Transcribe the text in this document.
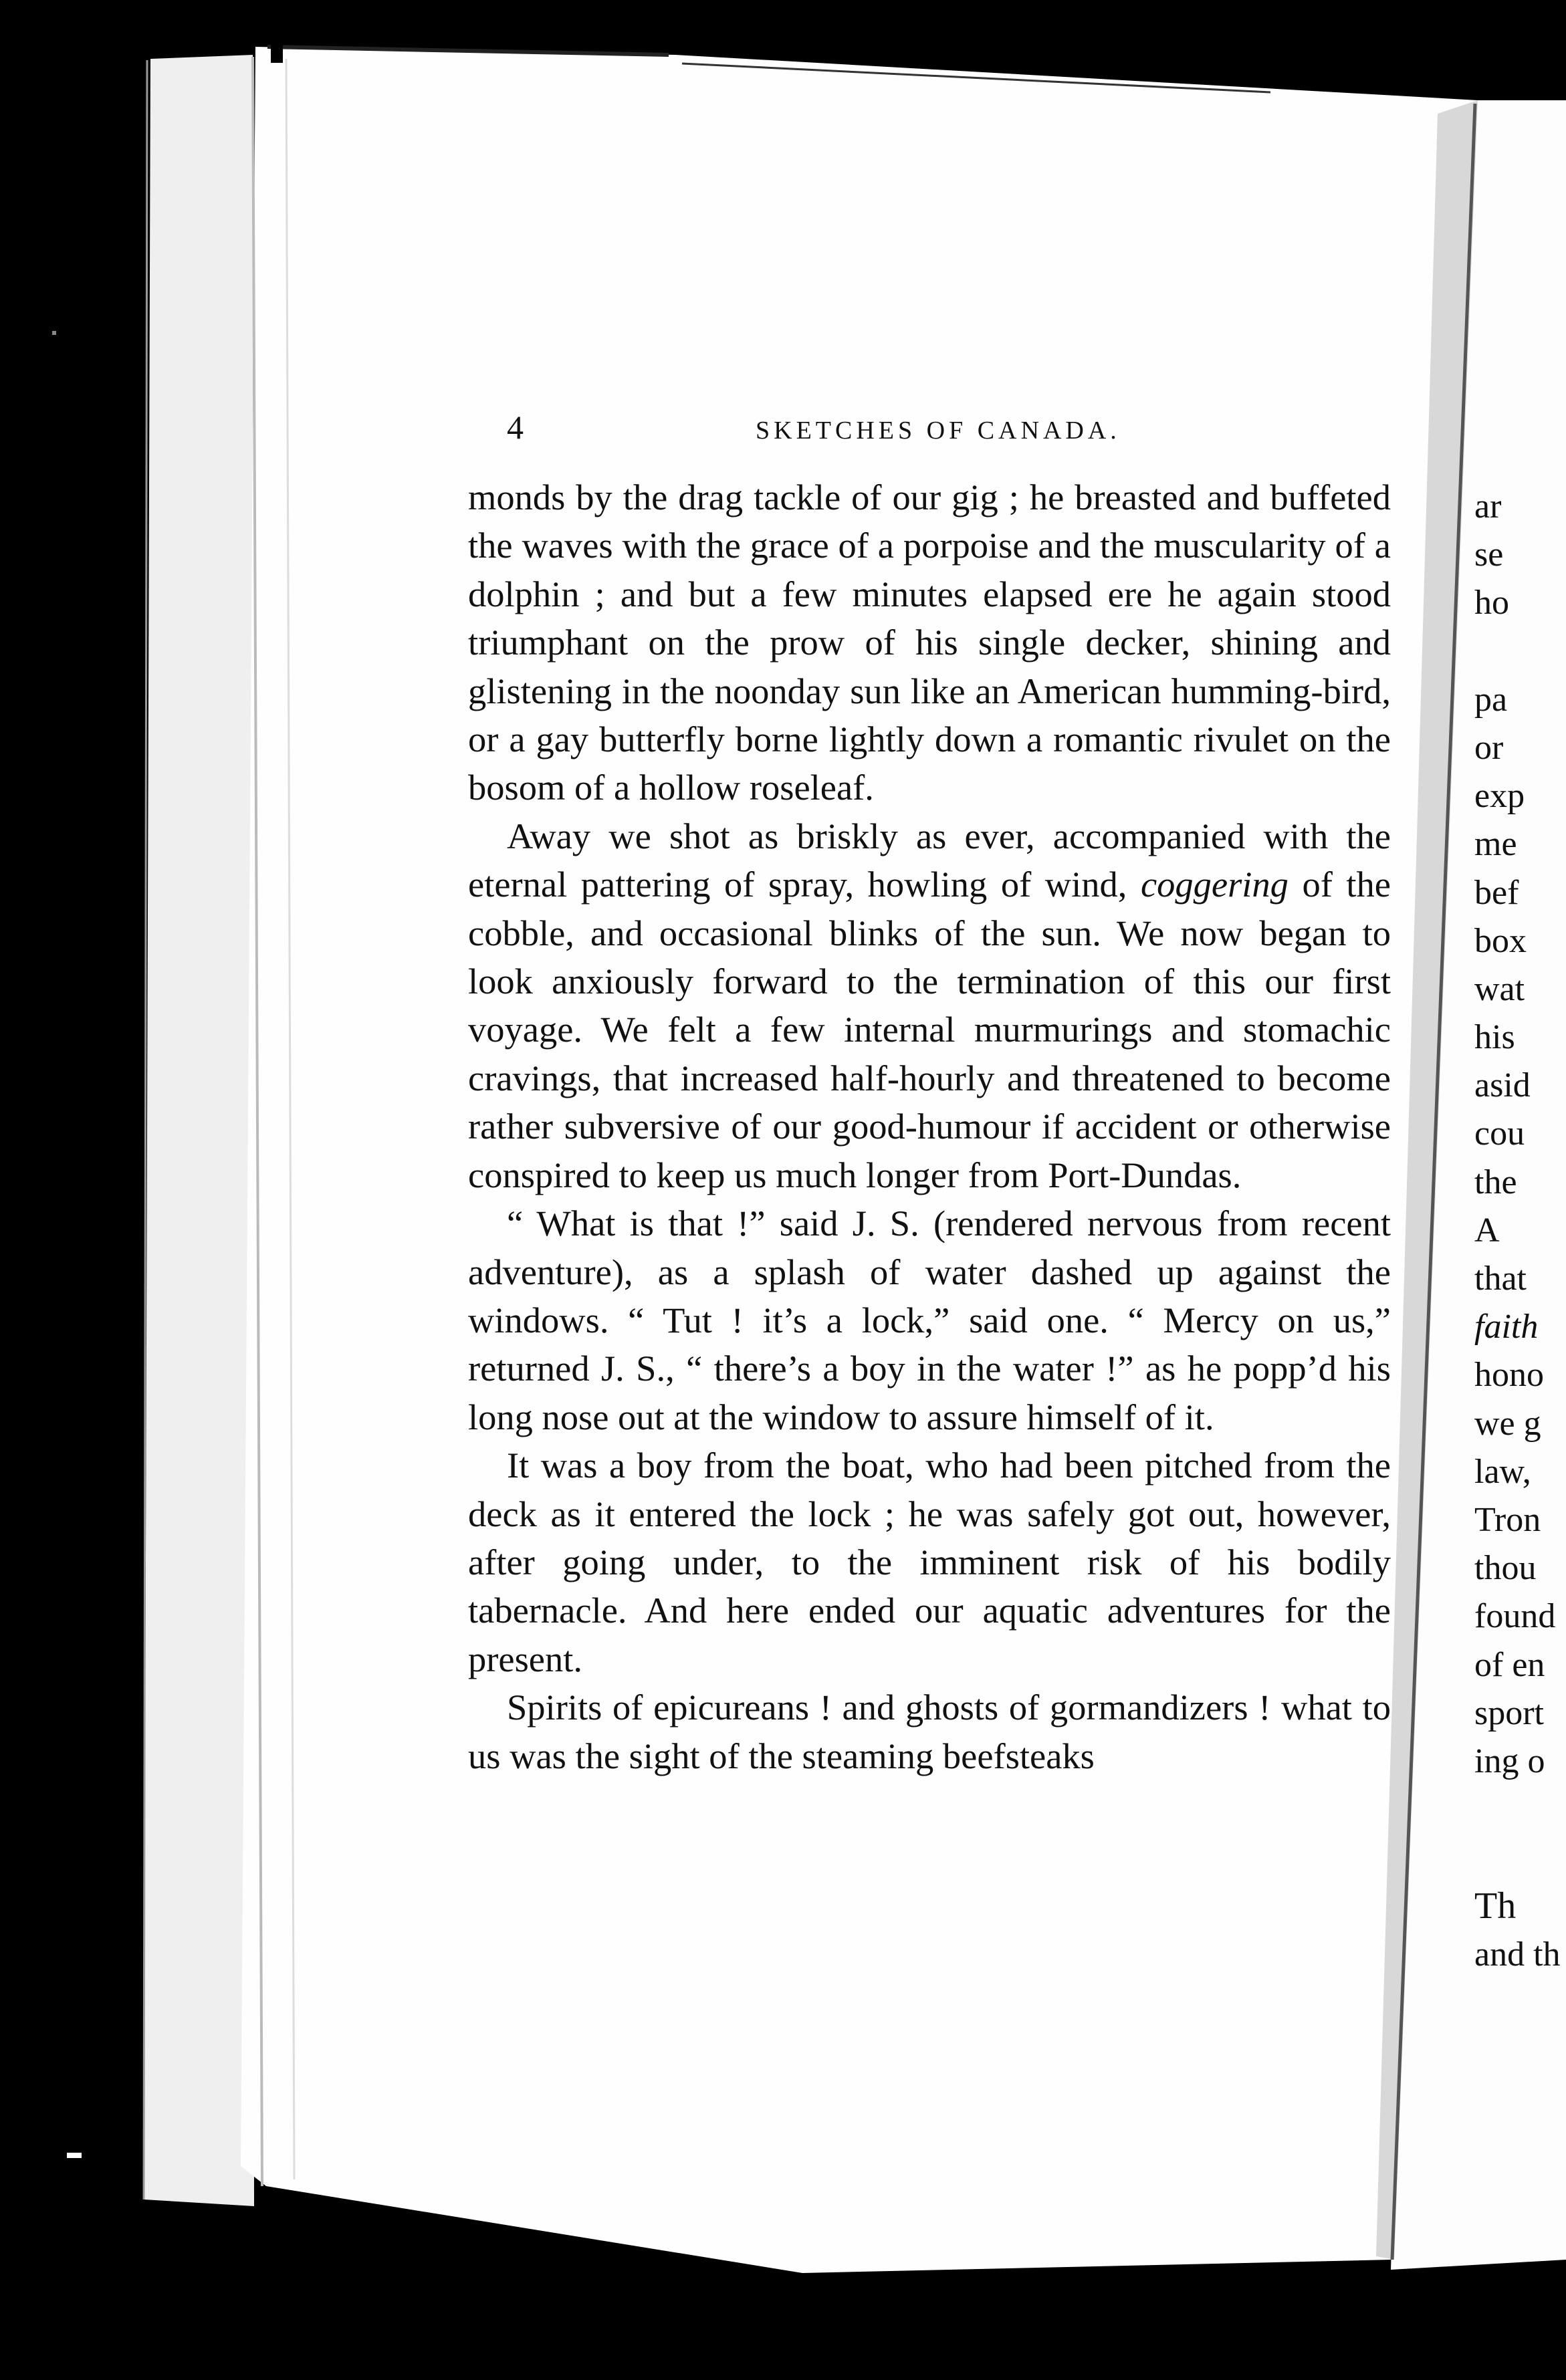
4	SKETCHES OF CANADA.

monds by the drag tackle of our gig ; he breasted and buffeted the waves with the grace of a porpoise and the muscularity of a dolphin ; and but a few minutes elapsed ere he again stood triumphant on the prow of his single decker, shining and glistening in the noonday sun like an American humming-bird, or a gay butterfly borne lightly down a romantic rivulet on the bosom of a hollow roseleaf.

Away we shot as briskly as ever, accompanied with the eternal pattering of spray, howling of wind, coggering of the cobble, and occasional blinks of the sun. We now began to look anxiously forward to the termination of this our first voyage. We felt a few internal murmurings and stomachic cravings, that increased half-hourly and threatened to become rather subversive of our good-humour if accident or otherwise conspired to keep us much longer from Port-Dundas.

“ What is that !” said J. S. (rendered nervous from recent adventure), as a splash of water dashed up against the windows. “ Tut ! it’s a lock,” said one. “ Mercy on us,” returned J. S., “ there’s a boy in the water !” as he popp’d his long nose out at the window to assure himself of it.

It was a boy from the boat, who had been pitched from the deck as it entered the lock ; he was safely got out, however, after going under, to the imminent risk of his bodily tabernacle. And here ended our aquatic adventures for the present.

Spirits of epicureans ! and ghosts of gormandizers ! what to us was the sight of the steaming beefsteaks

ar
se
ho
pa
or
exp
me
bef
box
wat
his
asid
cou
the
A
that
faith
hono
we g
law,
Tron
thou
found
of en
sport
ing o
Th
and th
